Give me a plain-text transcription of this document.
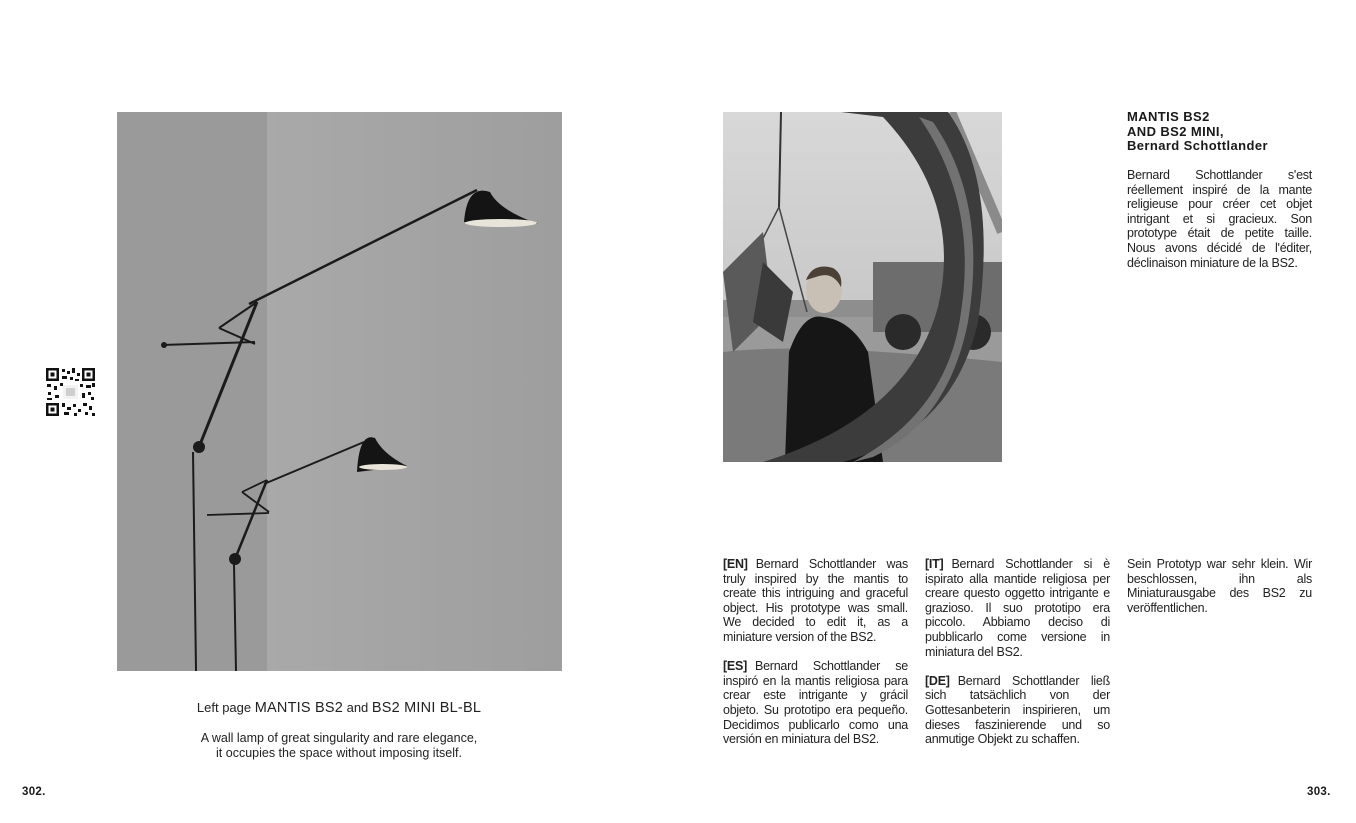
Left page MANTIS BS2 and BS2 MINI BL-BL

A wall lamp of great singularity and rare elegance,
it occupies the space without imposing itself.

302.
MANTIS BS2
AND BS2 MINI,
Bernard Schottlander
Bernard Schottlander s'est réellement inspiré de la mante religieuse pour créer cet objet intrigant et si gracieux. Son prototype était de petite taille. Nous avons décidé de l'éditer, déclinaison miniature de la BS2.

[EN] Bernard Schottlander was truly inspired by the mantis to create this intriguing and graceful object. His prototype was small. We decided to edit it, as a miniature version of the BS2.

[ES] Bernard Schottlander se inspiró en la mantis religiosa para crear este intrigante y grácil objeto. Su prototipo era pequeño. Decidimos publicarlo como una versión en miniatura del BS2.

[IT] Bernard Schottlander si è ispirato alla mantide religiosa per creare questo oggetto intrigante e grazioso. Il suo prototipo era piccolo. Abbiamo deciso di pubblicarlo come versione in miniatura del BS2.

[DE] Bernard Schottlander ließ sich tatsächlich von der Gottesanbeterin inspirieren, um dieses faszinierende und so anmutige Objekt zu schaffen.

Sein Prototyp war sehr klein. Wir beschlossen, ihn als Miniaturausgabe des BS2 zu veröffentlichen.

303.
